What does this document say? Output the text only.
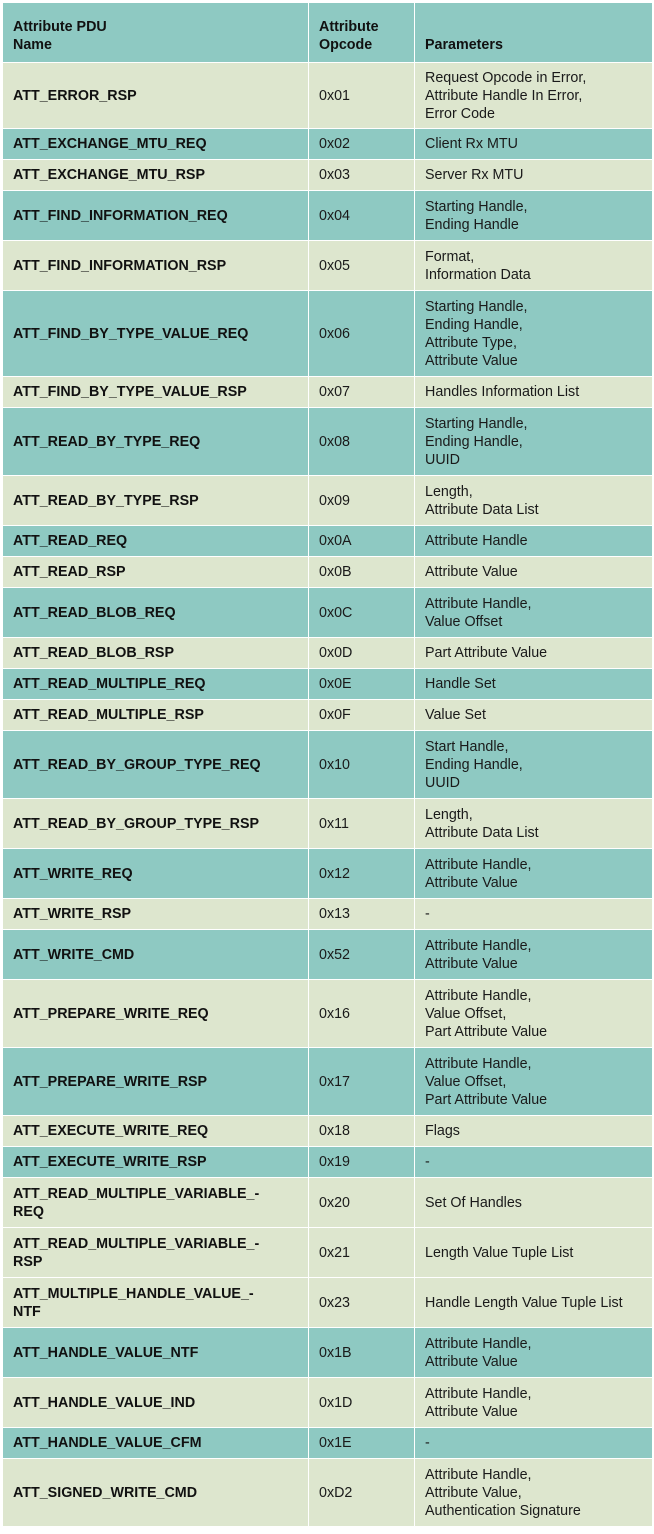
Attribute PDU
Name	Attribute
Opcode	Parameters
ATT_ERROR_RSP	0x01	Request Opcode in Error,
Attribute Handle In Error,
Error Code
ATT_EXCHANGE_MTU_REQ	0x02	Client Rx MTU
ATT_EXCHANGE_MTU_RSP	0x03	Server Rx MTU
ATT_FIND_INFORMATION_REQ	0x04	Starting Handle,
Ending Handle
ATT_FIND_INFORMATION_RSP	0x05	Format,
Information Data
ATT_FIND_BY_TYPE_VALUE_REQ	0x06	Starting Handle,
Ending Handle,
Attribute Type,
Attribute Value
ATT_FIND_BY_TYPE_VALUE_RSP	0x07	Handles Information List
ATT_READ_BY_TYPE_REQ	0x08	Starting Handle,
Ending Handle,
UUID
ATT_READ_BY_TYPE_RSP	0x09	Length,
Attribute Data List
ATT_READ_REQ	0x0A	Attribute Handle
ATT_READ_RSP	0x0B	Attribute Value
ATT_READ_BLOB_REQ	0x0C	Attribute Handle,
Value Offset
ATT_READ_BLOB_RSP	0x0D	Part Attribute Value
ATT_READ_MULTIPLE_REQ	0x0E	Handle Set
ATT_READ_MULTIPLE_RSP	0x0F	Value Set
ATT_READ_BY_GROUP_TYPE_REQ	0x10	Start Handle,
Ending Handle,
UUID
ATT_READ_BY_GROUP_TYPE_RSP	0x11	Length,
Attribute Data List
ATT_WRITE_REQ	0x12	Attribute Handle,
Attribute Value
ATT_WRITE_RSP	0x13	-
ATT_WRITE_CMD	0x52	Attribute Handle,
Attribute Value
ATT_PREPARE_WRITE_REQ	0x16	Attribute Handle,
Value Offset,
Part Attribute Value
ATT_PREPARE_WRITE_RSP	0x17	Attribute Handle,
Value Offset,
Part Attribute Value
ATT_EXECUTE_WRITE_REQ	0x18	Flags
ATT_EXECUTE_WRITE_RSP	0x19	-
ATT_READ_MULTIPLE_VARIABLE_-
REQ	0x20	Set Of Handles
ATT_READ_MULTIPLE_VARIABLE_-
RSP	0x21	Length Value Tuple List
ATT_MULTIPLE_HANDLE_VALUE_-
NTF	0x23	Handle Length Value Tuple List
ATT_HANDLE_VALUE_NTF	0x1B	Attribute Handle,
Attribute Value
ATT_HANDLE_VALUE_IND	0x1D	Attribute Handle,
Attribute Value
ATT_HANDLE_VALUE_CFM	0x1E	-
ATT_SIGNED_WRITE_CMD	0xD2	Attribute Handle,
Attribute Value,
Authentication Signature
